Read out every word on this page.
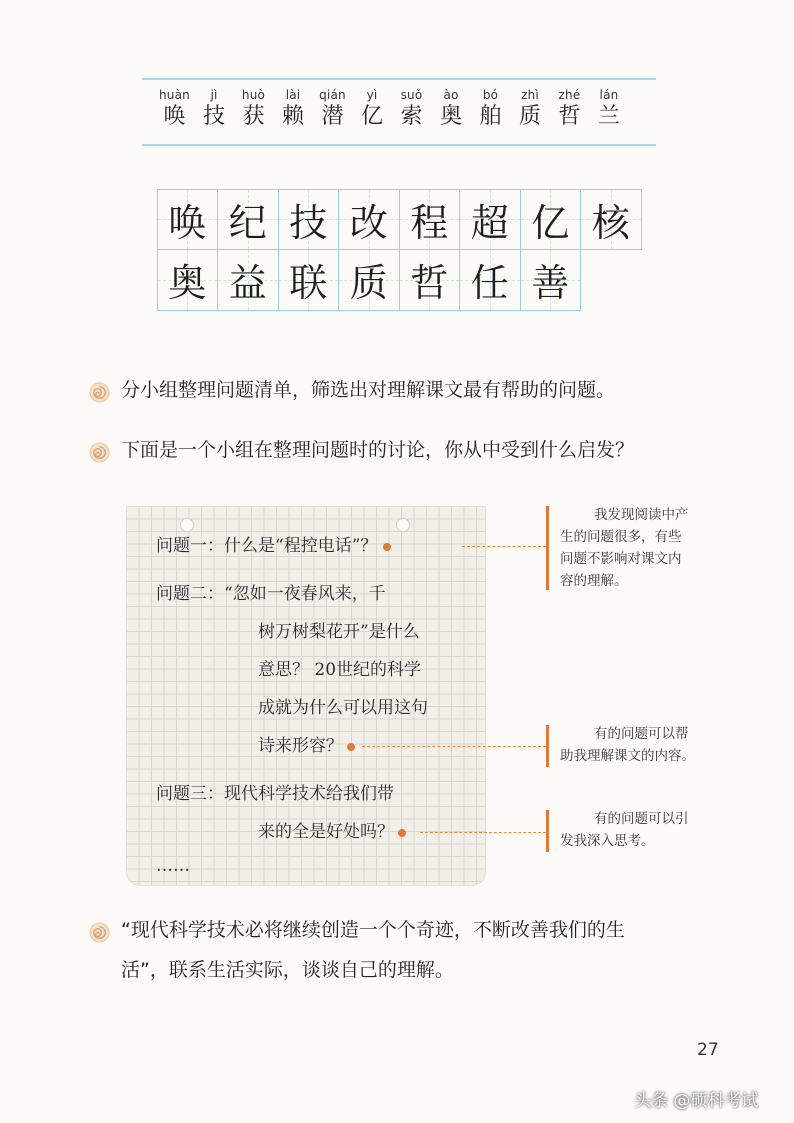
huàn
唤
jì
技
huò
获
lài
赖
qián
潜
yì
亿
suǒ
索
ào
奥
bó
舶
zhì
质
zhé
哲
lán
兰
唤 纪 技 改 程 超 亿 核
奥 益 联 质 哲 任 善
分小组整理问题清单，筛选出对理解课文最有帮助的问题。
下面是一个小组在整理问题时的讨论，你从中受到什么启发？
问题一：什么是“程控电话”？
问题二： “忽如一夜春风来，千
树万树梨花开”是什么
意思？ 20世纪的科学
成就为什么可以用这句
诗来形容？
问题三： 现代科学技术给我们带
来的全是好处吗？
……
我发现阅读中产
生的问题很多，有些
问题不影响对课文内
容的理解。
有的问题可以帮
助我理解课文的内容。
有的问题可以引
发我深入思考。
“现代科学技术必将继续创造一个个奇迹，不断改善我们的生
活”，联系生活实际，谈谈自己的理解。
27
头条 @硕科考试
